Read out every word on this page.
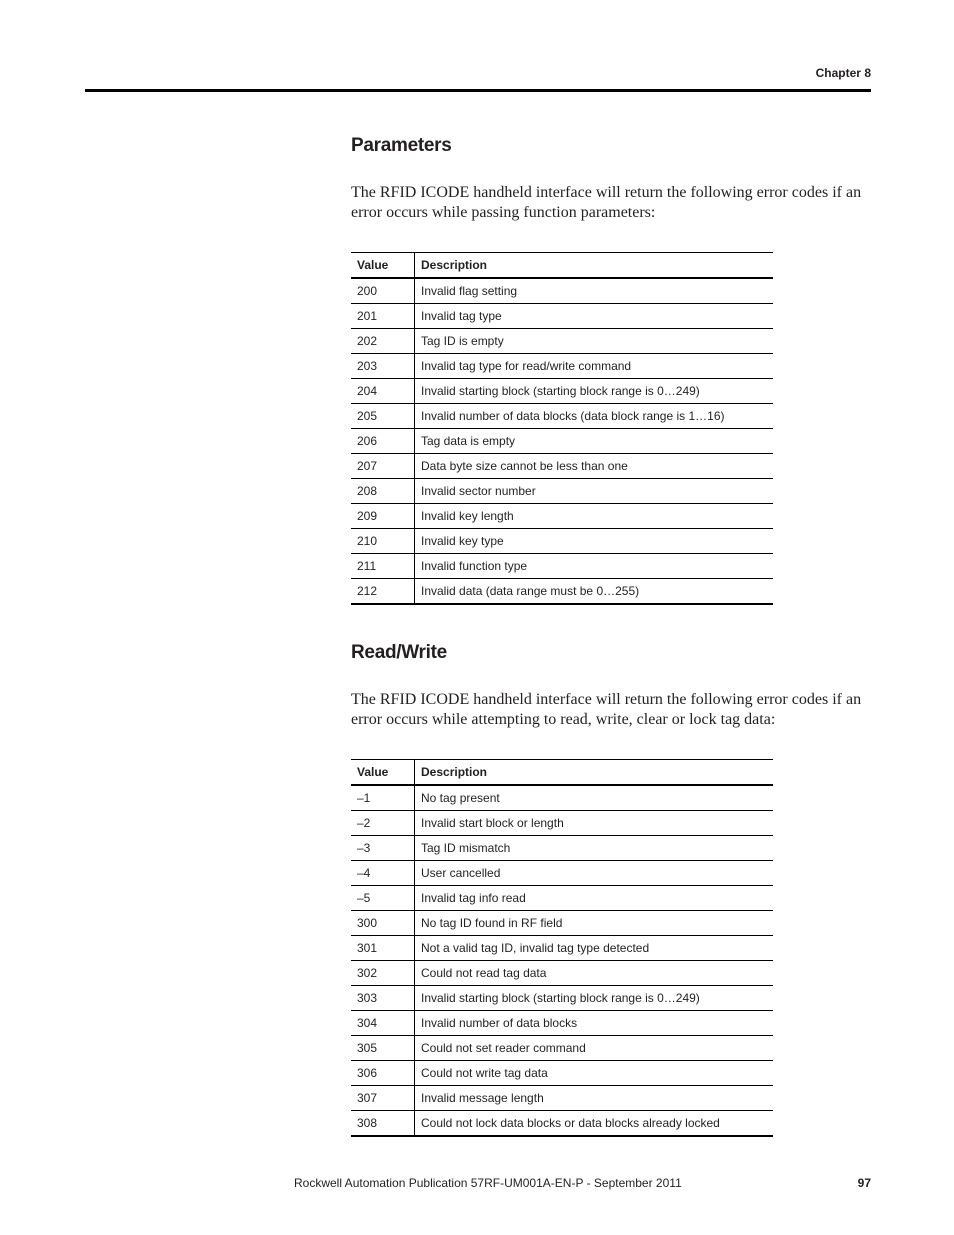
Chapter 8
Parameters

The RFID ICODE handheld interface will return the following error codes if an error occurs while passing function parameters:

Value	Description
200	Invalid flag setting
201	Invalid tag type
202	Tag ID is empty
203	Invalid tag type for read/write command
204	Invalid starting block (starting block range is 0…249)
205	Invalid number of data blocks (data block range is 1…16)
206	Tag data is empty
207	Data byte size cannot be less than one
208	Invalid sector number
209	Invalid key length
210	Invalid key type
211	Invalid function type
212	Invalid data (data range must be 0…255)
Read/Write

The RFID ICODE handheld interface will return the following error codes if an error occurs while attempting to read, write, clear or lock tag data:

Value	Description
–1	No tag present
–2	Invalid start block or length
–3	Tag ID mismatch
–4	User cancelled
–5	Invalid tag info read
300	No tag ID found in RF field
301	Not a valid tag ID, invalid tag type detected
302	Could not read tag data
303	Invalid starting block (starting block range is 0…249)
304	Invalid number of data blocks
305	Could not set reader command
306	Could not write tag data
307	Invalid message length
308	Could not lock data blocks or data blocks already locked
Rockwell Automation Publication 57RF-UM001A-EN-P - September 2011	97
